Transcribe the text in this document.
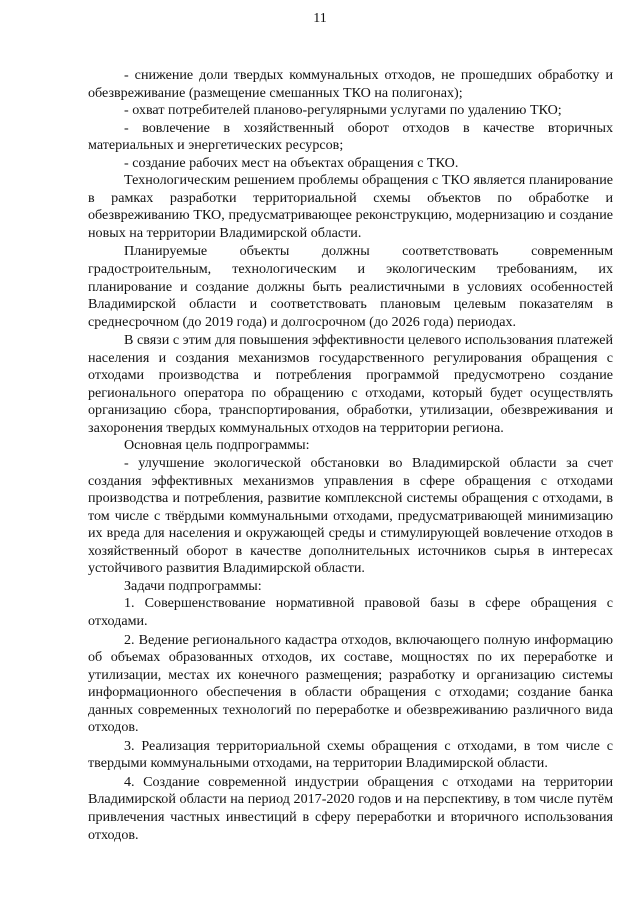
11

- снижение доли твердых коммунальных отходов, не прошедших обработку и обезвреживание (размещение смешанных ТКО на полигонах);

- охват потребителей планово-регулярными услугами по удалению ТКО;

- вовлечение в хозяйственный оборот отходов в качестве вторичных материальных и энергетических ресурсов;

- создание рабочих мест на объектах обращения с ТКО.

Технологическим решением проблемы обращения с ТКО является планирование в рамках разработки территориальной схемы объектов по обработке и обезвреживанию ТКО, предусматривающее реконструкцию, модернизацию и создание новых на территории Владимирской области.

Планируемые объекты должны соответствовать современным градостроительным, технологическим и экологическим требованиям, их планирование и создание должны быть реалистичными в условиях особенностей Владимирской области и соответствовать плановым целевым показателям в среднесрочном (до 2019 года) и долгосрочном (до 2026 года) периодах.

В связи с этим для повышения эффективности целевого использования платежей населения и создания механизмов государственного регулирования обращения с отходами производства и потребления программой предусмотрено создание регионального оператора по обращению с отходами, который будет осуществлять организацию сбора, транспортирования, обработки, утилизации, обезвреживания и захоронения твердых коммунальных отходов на территории региона.

Основная цель подпрограммы:

- улучшение экологической обстановки во Владимирской области за счет создания эффективных механизмов управления в сфере обращения с отходами производства и потребления, развитие комплексной системы обращения с отходами, в том числе с твёрдыми коммунальными отходами, предусматривающей минимизацию их вреда для населения и окружающей среды и стимулирующей вовлечение отходов в хозяйственный оборот в качестве дополнительных источников сырья в интересах устойчивого развития Владимирской области.

Задачи подпрограммы:

1. Совершенствование нормативной правовой базы в сфере обращения с отходами.

2. Ведение регионального кадастра отходов, включающего полную информацию об объемах образованных отходов, их составе, мощностях по их переработке и утилизации, местах их конечного размещения; разработку и организацию системы информационного обеспечения в области обращения с отходами; создание банка данных современных технологий по переработке и обезвреживанию различного вида отходов.

3. Реализация территориальной схемы обращения с отходами, в том числе с твердыми коммунальными отходами, на территории Владимирской области.

4. Создание современной индустрии обращения с отходами на территории Владимирской области на период 2017-2020 годов и на перспективу, в том числе путём привлечения частных инвестиций в сферу переработки и вторичного использования отходов.
